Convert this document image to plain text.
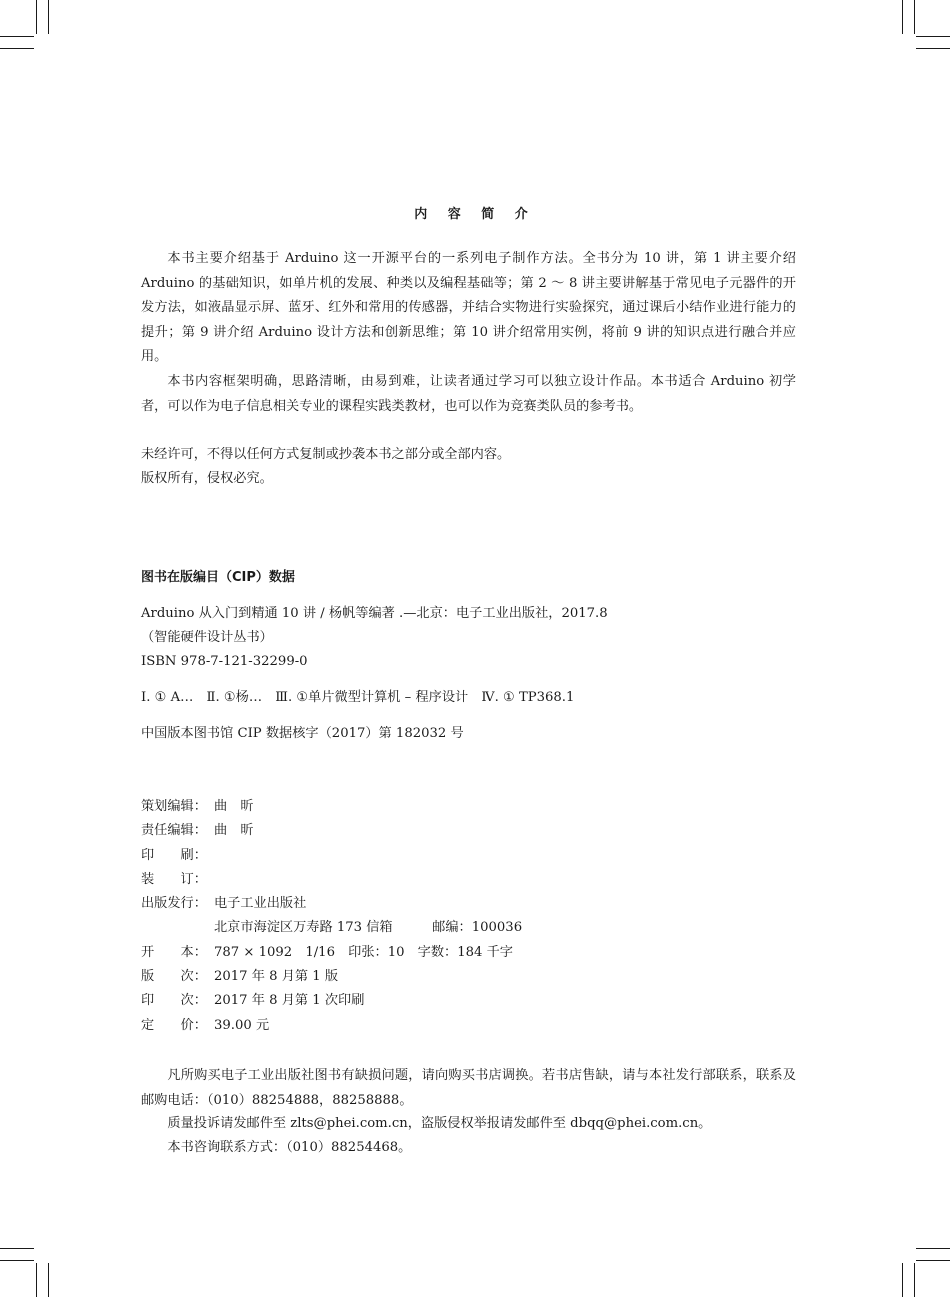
内 容 简 介

本书主要介绍基于 Arduino 这一开源平台的一系列电子制作方法。全书分为 10 讲，第 1 讲主要介绍 Arduino 的基础知识，如单片机的发展、种类以及编程基础等；第 2 ～ 8 讲主要讲解基于常见电子元器件的开发方法，如液晶显示屏、蓝牙、红外和常用的传感器，并结合实物进行实验探究，通过课后小结作业进行能力的提升；第 9 讲介绍 Arduino 设计方法和创新思维；第 10 讲介绍常用实例，将前 9 讲的知识点进行融合并应用。

本书内容框架明确，思路清晰，由易到难，让读者通过学习可以独立设计作品。本书适合 Arduino 初学者，可以作为电子信息相关专业的课程实践类教材，也可以作为竞赛类队员的参考书。

未经许可，不得以任何方式复制或抄袭本书之部分或全部内容。
版权所有，侵权必究。
图书在版编目（CIP）数据
Arduino 从入门到精通 10 讲 / 杨帆等编著 .—北京：电子工业出版社，2017.8
（智能硬件设计丛书）
ISBN 978-7-121-32299-0
Ⅰ. ① A…　Ⅱ. ①杨…　Ⅲ. ①单片微型计算机 – 程序设计　Ⅳ. ① TP368.1
中国版本图书馆 CIP 数据核字（2017）第 182032 号
策划编辑： 曲　昕
责任编辑： 曲　昕
印　　刷：
装　　订：
出版发行： 电子工业出版社
北京市海淀区万寿路 173 信箱　　　邮编：100036
开　　本： 787 × 1092　1/16　印张：10　字数：184 千字
版　　次： 2017 年 8 月第 1 版
印　　次： 2017 年 8 月第 1 次印刷
定　　价： 39.00 元

凡所购买电子工业出版社图书有缺损问题，请向购买书店调换。若书店售缺，请与本社发行部联系，联系及邮购电话：（010）88254888，88258888。

质量投诉请发邮件至 zlts@phei.com.cn，盗版侵权举报请发邮件至 dbqq@phei.com.cn。
本书咨询联系方式：（010）88254468。
